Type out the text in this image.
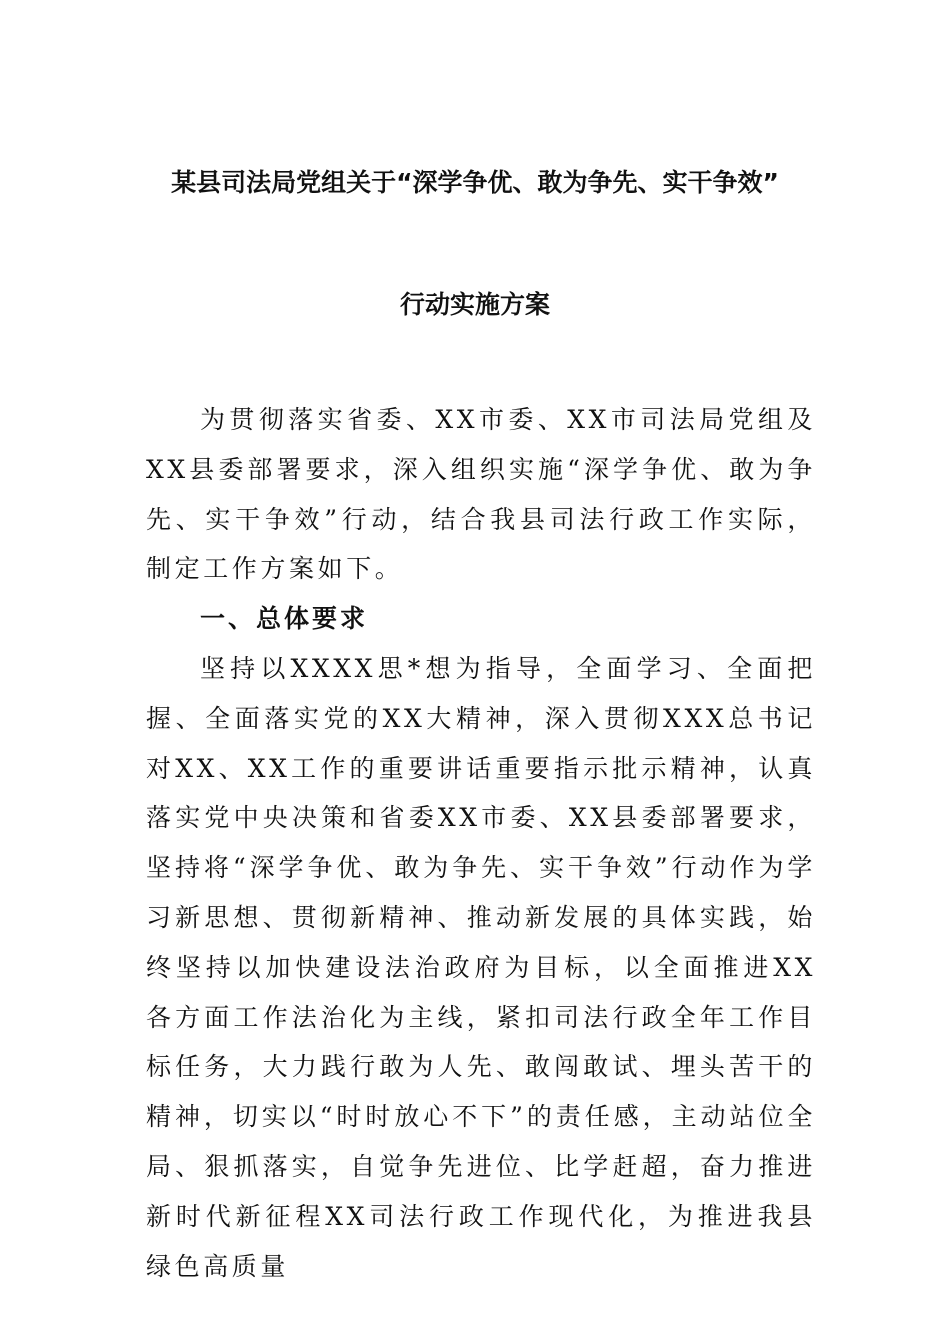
某县司法局党组关于“深学争优、敢为争先、实干争效”
行动实施方案

为贯彻落实省委、XX市委、XX市司法局党组及XX县委部署要求，深入组织实施“深学争优、敢为争先、实干争效”行动，结合我县司法行政工作实际，制定工作方案如下。

一、总体要求

坚持以XXXX思*想为指导，全面学习、全面把握、全面落实党的XX大精神，深入贯彻XXX总书记对XX、XX工作的重要讲话重要指示批示精神，认真落实党中央决策和省委XX市委、XX县委部署要求，坚持将“深学争优、敢为争先、实干争效”行动作为学习新思想、贯彻新精神、推动新发展的具体实践，始终坚持以加快建设法治政府为目标，以全面推进XX各方面工作法治化为主线，紧扣司法行政全年工作目标任务，大力践行敢为人先、敢闯敢试、埋头苦干的精神，切实以“时时放心不下”的责任感，主动站位全局、狠抓落实，自觉争先进位、比学赶超，奋力推进新时代新征程XX司法行政工作现代化，为推进我县绿色高质量
